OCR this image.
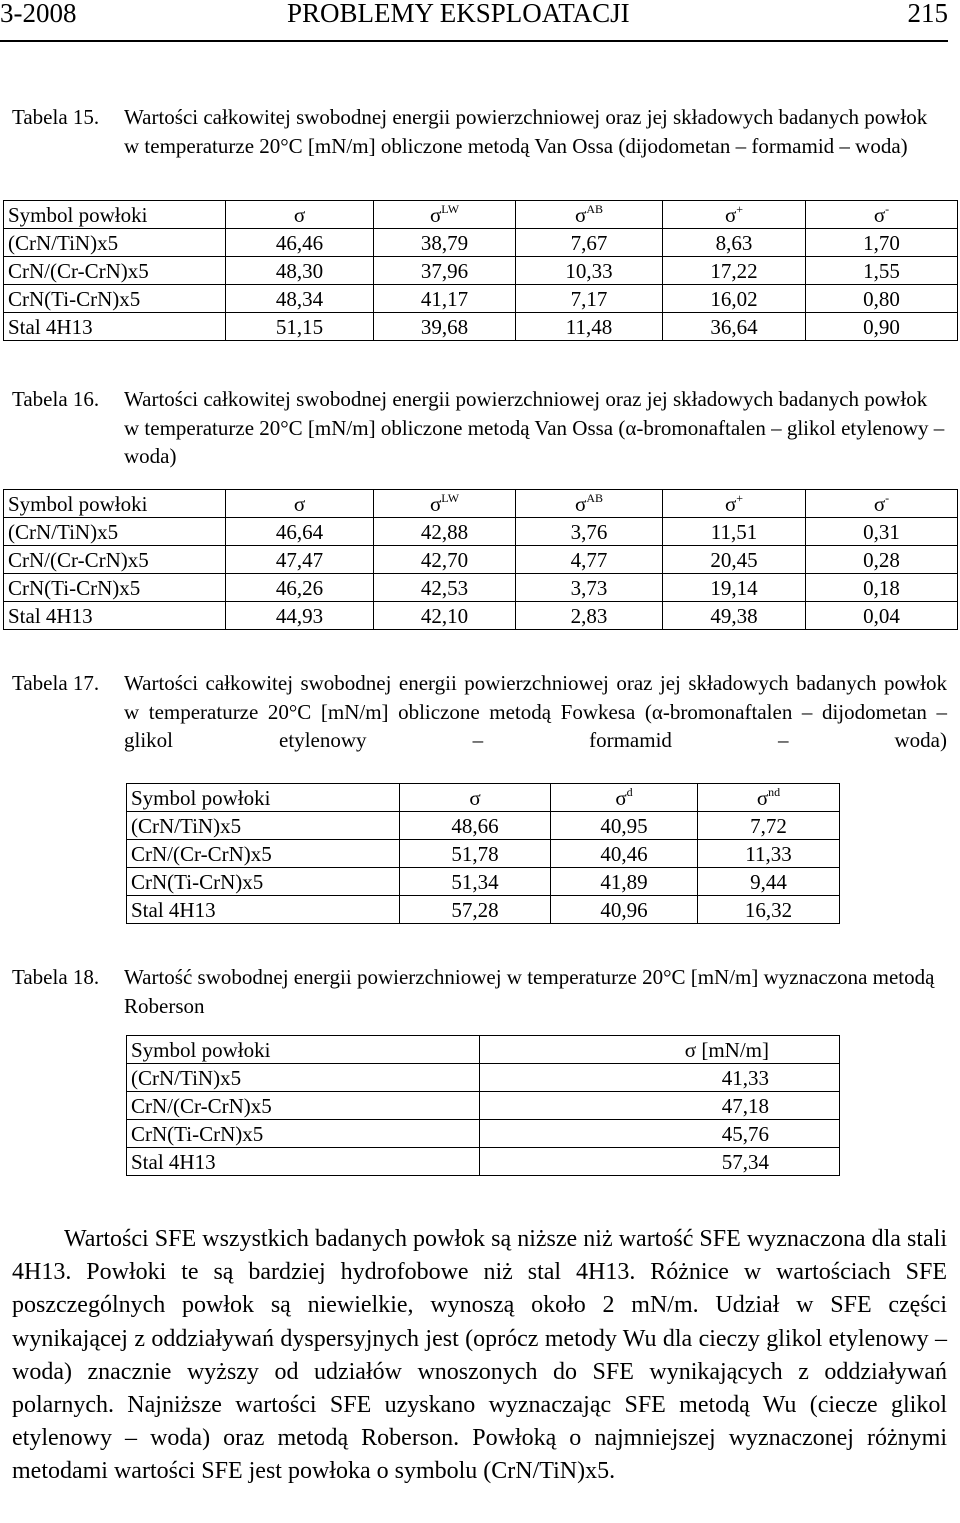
3-2008	PROBLEMY EKSPLOATACJI	215
Tabela 15. Wartości całkowitej swobodnej energii powierzchniowej oraz jej składowych badanych powłok w temperaturze 20°C [mN/m] obliczone metodą Van Ossa (dijodometan – formamid – woda)
Symbol powłoki	σ	$\sigma^{LW}$	$\sigma^{AB}$	σ+	σ-
(CrN/TiN)x5	46,46	38,79	7,67	8,63	1,70
CrN/(Cr-CrN)x5	48,30	37,96	10,33	17,22	1,55
CrN(Ti-CrN)x5	48,34	41,17	7,17	16,02	0,80
Stal 4H13	51,15	39,68	11,48	36,64	0,90
Tabela 16. Wartości całkowitej swobodnej energii powierzchniowej oraz jej składowych badanych powłok w temperaturze 20°C [mN/m] obliczone metodą Van Ossa (α-bromonaftalen – glikol etylenowy – woda)
Symbol powłoki	σ	$\sigma^{LW}$	$\sigma^{AB}$	σ+	σ-
(CrN/TiN)x5	46,64	42,88	3,76	11,51	0,31
CrN/(Cr-CrN)x5	47,47	42,70	4,77	20,45	0,28
CrN(Ti-CrN)x5	46,26	42,53	3,73	19,14	0,18
Stal 4H13	44,93	42,10	2,83	49,38	0,04
Tabela 17. Wartości całkowitej swobodnej energii powierzchniowej oraz jej składowych badanych powłok w temperaturze 20°C [mN/m] obliczone metodą Fowkesa (α-bromonaftalen – dijodometan – glikol etylenowy – formamid – woda)
Symbol powłoki	σ	$\sigma^d$	$\sigma^{nd}$
(CrN/TiN)x5	48,66	40,95	7,72
CrN/(Cr-CrN)x5	51,78	40,46	11,33
CrN(Ti-CrN)x5	51,34	41,89	9,44
Stal 4H13	57,28	40,96	16,32
Tabela 18. Wartość swobodnej energii powierzchniowej w temperaturze 20°C [mN/m] wyznaczona metodą Roberson
Symbol powłoki	σ [mN/m]
(CrN/TiN)x5	41,33
CrN/(Cr-CrN)x5	47,18
CrN(Ti-CrN)x5	45,76
Stal 4H13	57,34

Wartości SFE wszystkich badanych powłok są niższe niż wartość SFE wyznaczona dla stali 4H13. Powłoki te są bardziej hydrofobowe niż stal 4H13. Różnice w wartościach SFE poszczególnych powłok są niewielkie, wynoszą około 2 mN/m. Udział w SFE części wynikającej z oddziaływań dyspersyjnych jest (oprócz metody Wu dla cieczy glikol etylenowy – woda) znacznie wyższy od udziałów wnoszonych do SFE wynikających z oddziaływań polarnych. Najniższe wartości SFE uzyskano wyznaczając SFE metodą Wu (ciecze glikol etylenowy – woda) oraz metodą Roberson. Powłoką o najmniejszej wyznaczonej różnymi metodami wartości SFE jest powłoka o symbolu (CrN/TiN)x5.
